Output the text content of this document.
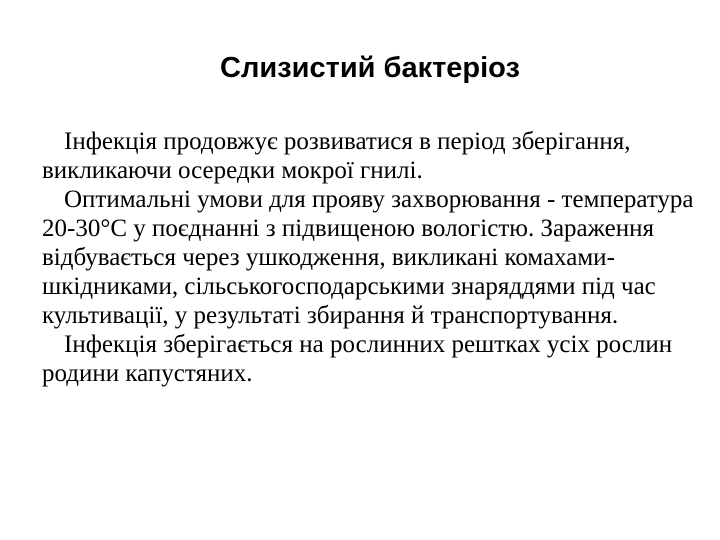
Слизистий бактеріоз

Інфекція продовжує розвиватися в період зберігання, викликаючи осередки мокрої гнилі.

Оптимальні умови для прояву захворювання - температура 20-30°С у поєднанні з підвищеною вологістю. Зараження відбувається через ушкодження, викликані комахами-шкідниками, сільськогосподарськими знаряддями під час культивації, у результаті збирання й транспортування.

Інфекція зберігається на рослинних рештках усіх рослин родини капустяних.
